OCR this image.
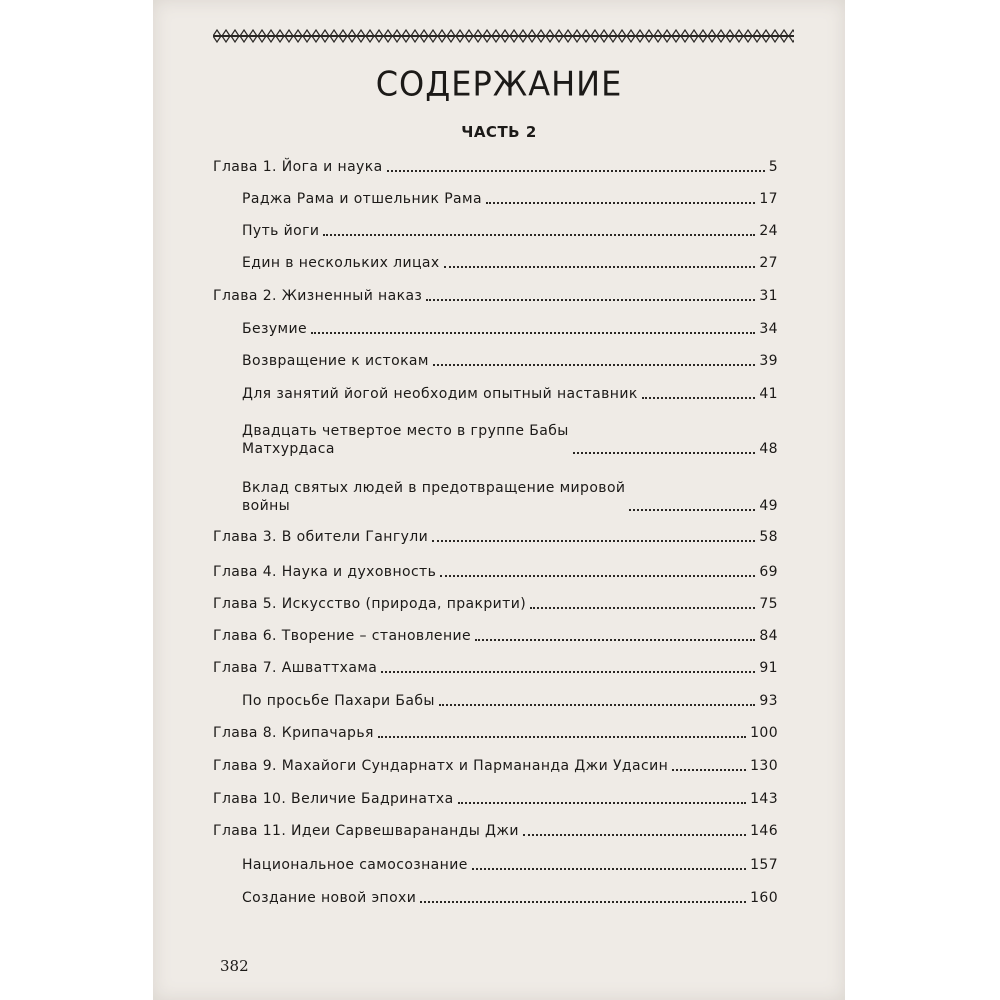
СОДЕРЖАНИЕ
ЧАСТЬ 2
Глава 1. Йога и наука	5
Раджа Рама и отшельник Рама	17
Путь йоги	24
Един в нескольких лицах	27
Глава 2. Жизненный наказ	31
Безумие	34
Возвращение к истокам	39
Для занятий йогой необходим опытный наставник	41
Двадцать четвертое место в группе Бабы
Матхурдаса	48
Вклад святых людей в предотвращение мировой
войны	49
Глава 3. В обители Гангули	58
Глава 4. Наука и духовность	69
Глава 5. Искусство (природа, пракрити)	75
Глава 6. Творение – становление	84
Глава 7. Ашваттхама	91
По просьбе Пахари Бабы	93
Глава 8. Крипачарья	100
Глава 9. Махайоги Сундарнатх и Пармананда Джи Удасин	130
Глава 10. Величие Бадринатха	143
Глава 11. Идеи Сарвешварананды Джи	146
Национальное самосознание	157
Создание новой эпохи	160
382
